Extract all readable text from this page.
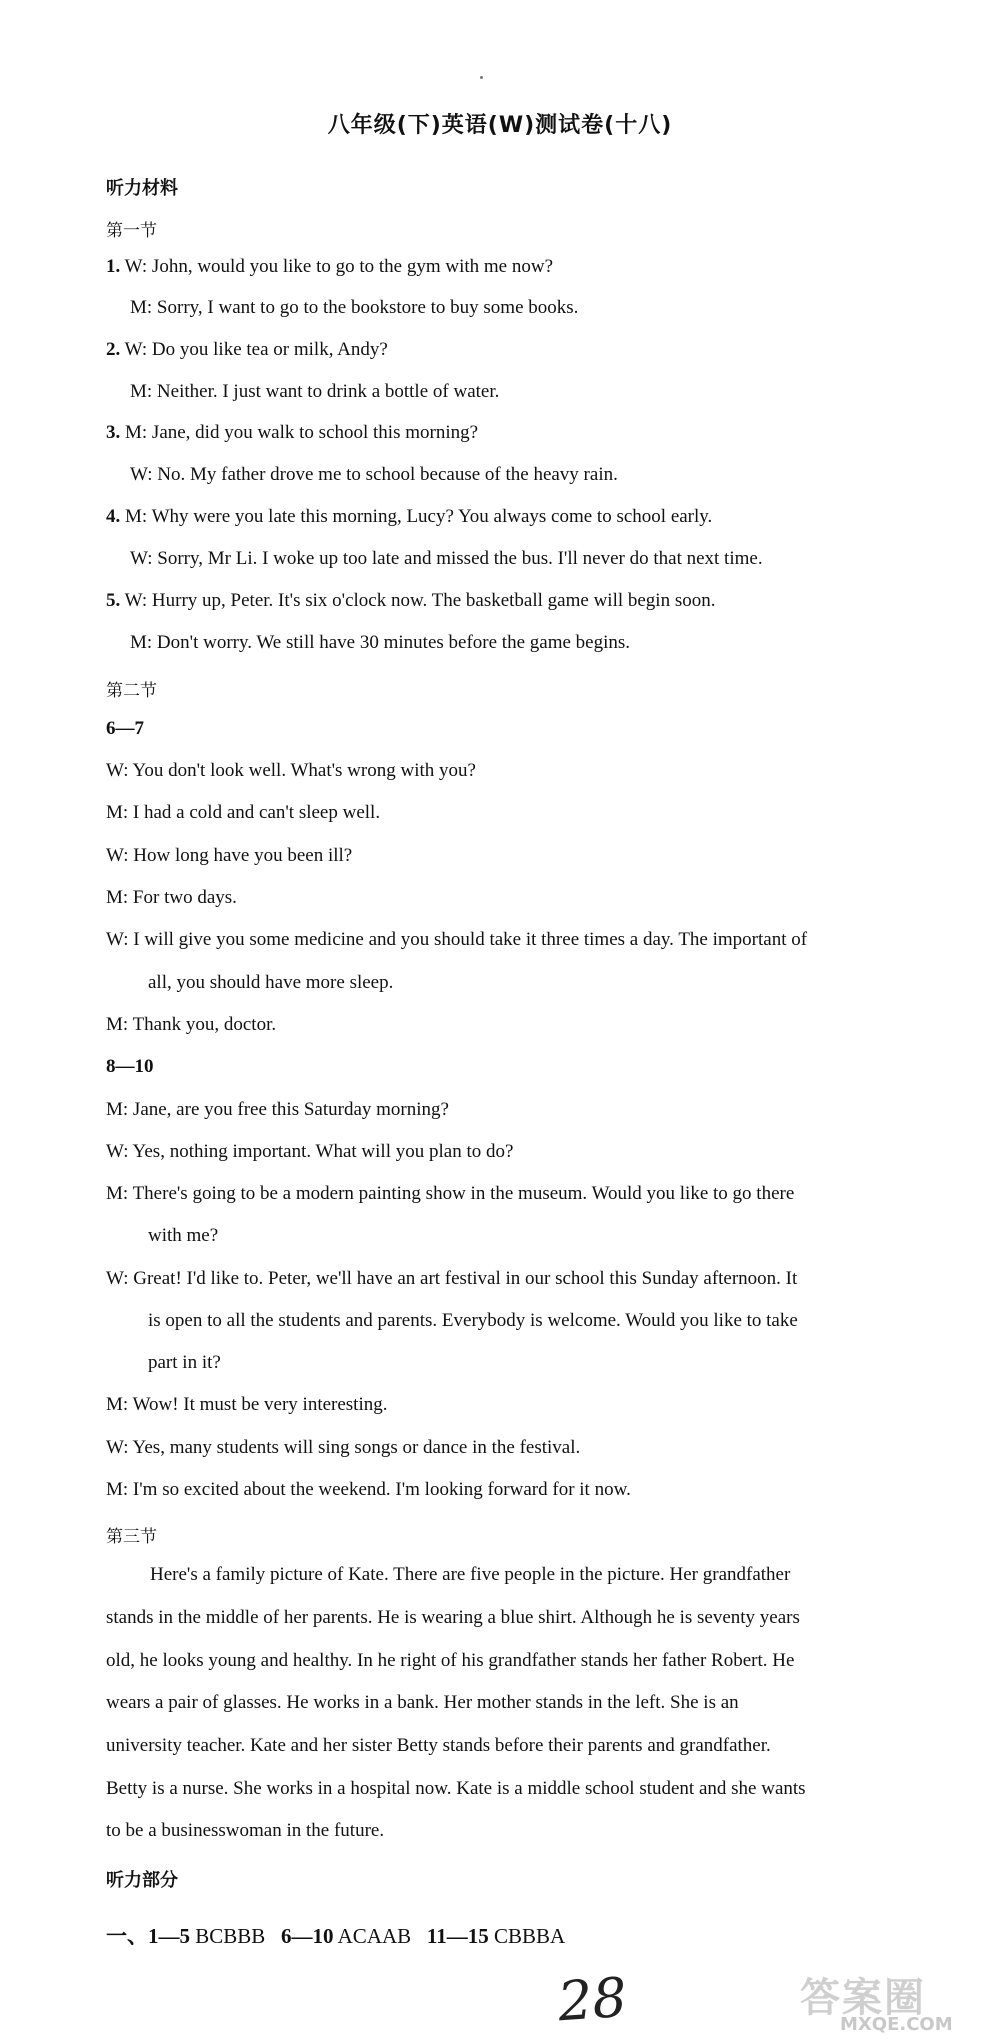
八年级(下)英语(W)测试卷(十八)
听力材料
第一节
1. W: John, would you like to go to the gym with me now?
M: Sorry, I want to go to the bookstore to buy some books.
2. W: Do you like tea or milk, Andy?
M: Neither. I just want to drink a bottle of water.
3. M: Jane, did you walk to school this morning?
W: No. My father drove me to school because of the heavy rain.
4. M: Why were you late this morning, Lucy? You always come to school early.
W: Sorry, Mr Li. I woke up too late and missed the bus. I'll never do that next time.
5. W: Hurry up, Peter. It's six o'clock now. The basketball game will begin soon.
M: Don't worry. We still have 30 minutes before the game begins.
第二节
6—7
W: You don't look well. What's wrong with you?
M: I had a cold and can't sleep well.
W: How long have you been ill?
M: For two days.
W: I will give you some medicine and you should take it three times a day. The important of
all, you should have more sleep.
M: Thank you, doctor.
8—10
M: Jane, are you free this Saturday morning?
W: Yes, nothing important. What will you plan to do?
M: There's going to be a modern painting show in the museum. Would you like to go there
with me?
W: Great! I'd like to. Peter, we'll have an art festival in our school this Sunday afternoon. It
is open to all the students and parents. Everybody is welcome. Would you like to take
part in it?
M: Wow! It must be very interesting.
W: Yes, many students will sing songs or dance in the festival.
M: I'm so excited about the weekend. I'm looking forward for it now.
第三节
Here's a family picture of Kate. There are five people in the picture. Her grandfather
stands in the middle of her parents. He is wearing a blue shirt. Although he is seventy years
old, he looks young and healthy. In he right of his grandfather stands her father Robert. He
wears a pair of glasses. He works in a bank. Her mother stands in the left. She is an
university teacher. Kate and her sister Betty stands before their parents and grandfather.
Betty is a nurse. She works in a hospital now. Kate is a middle school student and she wants
to be a businesswoman in the future.
听力部分
一、1—5 BCBBB 6—10 ACAAB 11—15 CBBBA
28	答案圈
MXQE.COM
